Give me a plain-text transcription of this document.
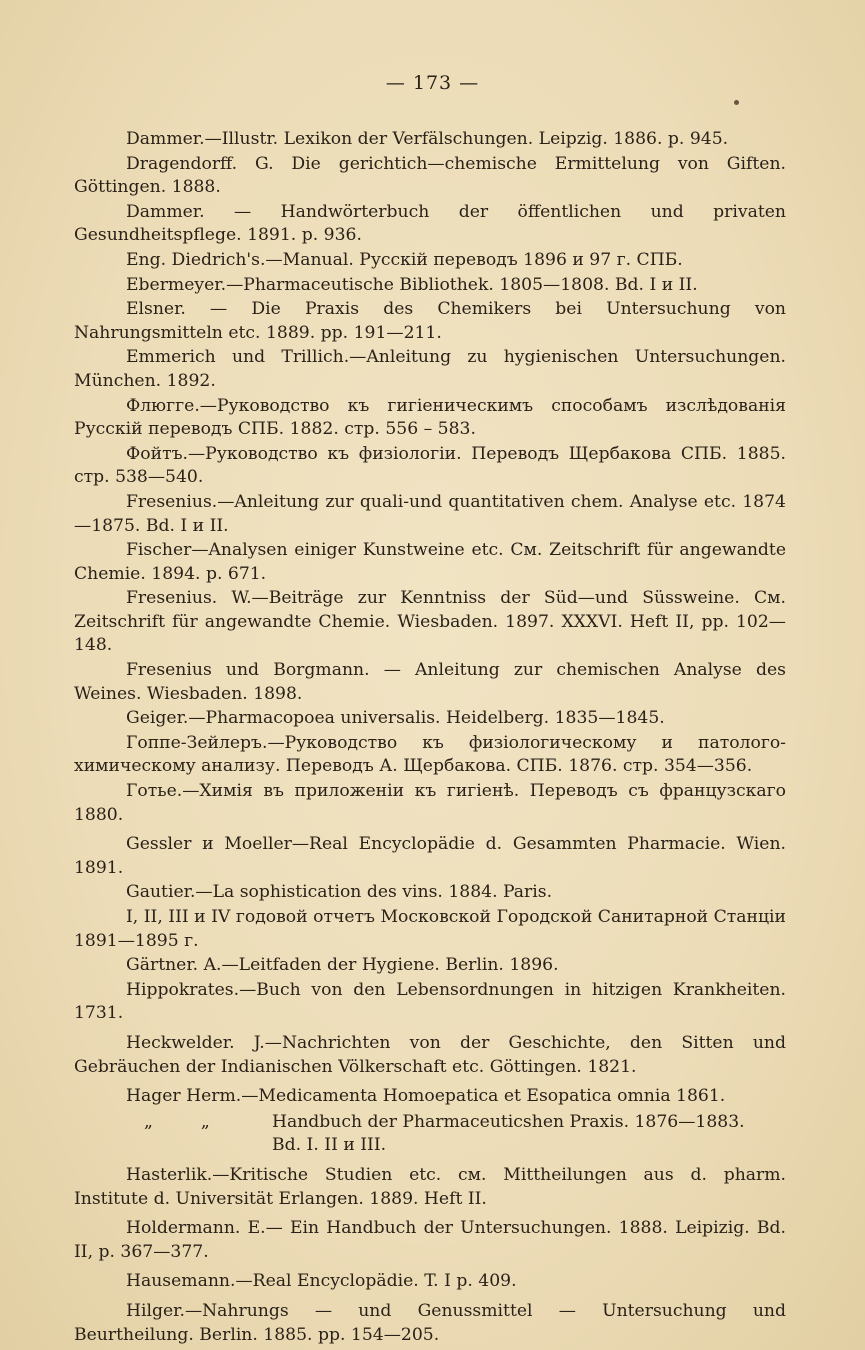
— 173 —

Dammer.—Illustr. Lexikon der Verfälschungen. Leipzig. 1886. p. 945.

Dragendorff. G. Die gerichtich—chemische Ermittelung von Giften. Göttingen. 1888.

Dammer. — Handwörterbuch der öffentlichen und privaten Gesundheitspflege. 1891. p. 936.

Eng. Diedrich's.—Manual. Русскій переводъ 1896 и 97 г. СПБ.

Ebermeyer.—Pharmaceutische Bibliothek. 1805—1808. Bd. I и II.

Elsner. — Die Praxis des Chemikers bei Untersuchung von Nahrungsmitteln etc. 1889. pp. 191—211.

Emmerich und Trillich.—Anleitung zu hygienischen Untersuchungen. München. 1892.

Флюгге.—Руководство къ гигіеническимъ способамъ изслѣдованія Русскій переводъ СПБ. 1882. стр. 556 – 583.

Фойтъ.—Руководство къ физіологіи. Переводъ Щербакова СПБ. 1885. стр. 538—540.

Fresenius.—Anleitung zur quali-und quantitativen chem. Analyse etc. 1874—1875. Bd. I и II.

Fischer—Analysen einiger Kunstweine etc. См. Zeitschrift für angewandte Chemie. 1894. p. 671.

Fresenius. W.—Beiträge zur Kenntniss der Süd—und Süssweine. См. Zeitschrift für angewandte Chemie. Wiesbaden. 1897. XXXVI. Heft II, pp. 102—148.

Fresenius und Borgmann. — Anleitung zur chemischen Analyse des Weines. Wiesbaden. 1898.

Geiger.—Pharmacopoea universalis. Heidelberg. 1835—1845.

Гоппе-Зейлеръ.—Руководство къ физіологическому и патолого-химическому анализу. Переводъ А. Щербакова. СПБ. 1876. стр. 354—356.

Готье.—Химія въ приложеніи къ гигіенѣ. Переводъ съ французскаго 1880.

Gessler и Moeller—Real Encyclopädie d. Gesammten Pharmacie. Wien. 1891.

Gautier.—La sophistication des vins. 1884. Paris.

I, II, III и IV годовой отчетъ Московской Городской Санитарной Станціи 1891—1895 г.

Gärtner. A.—Leitfaden der Hygiene. Berlin. 1896.

Hippokrates.—Buch von den Lebensordnungen in hitzigen Krankheiten. 1731.

Heckwelder. J.—Nachrichten von der Geschichte, den Sitten und Gebräuchen der Indianischen Völkerschaft etc. Göttingen. 1821.

Hager Herm.—Medicamenta Homoepatica et Esopatica omnia 1861.

„	„	Handbuch der Pharmaceuticshen Praxis. 1876—1883.
Bd. I. II и III.

Hasterlik.—Kritische Studien etc. см. Mittheilungen aus d. pharm. Institute d. Universität Erlangen. 1889. Heft II.

Holdermann. E.— Ein Handbuch der Untersuchungen. 1888. Leipizig. Bd. II, p. 367—377.

Hausemann.—Real Encyclopädie. T. I p. 409.

Hilger.—Nahrungs — und Genussmittel — Untersuchung und Beurtheilung. Berlin. 1885. pp. 154—205.
